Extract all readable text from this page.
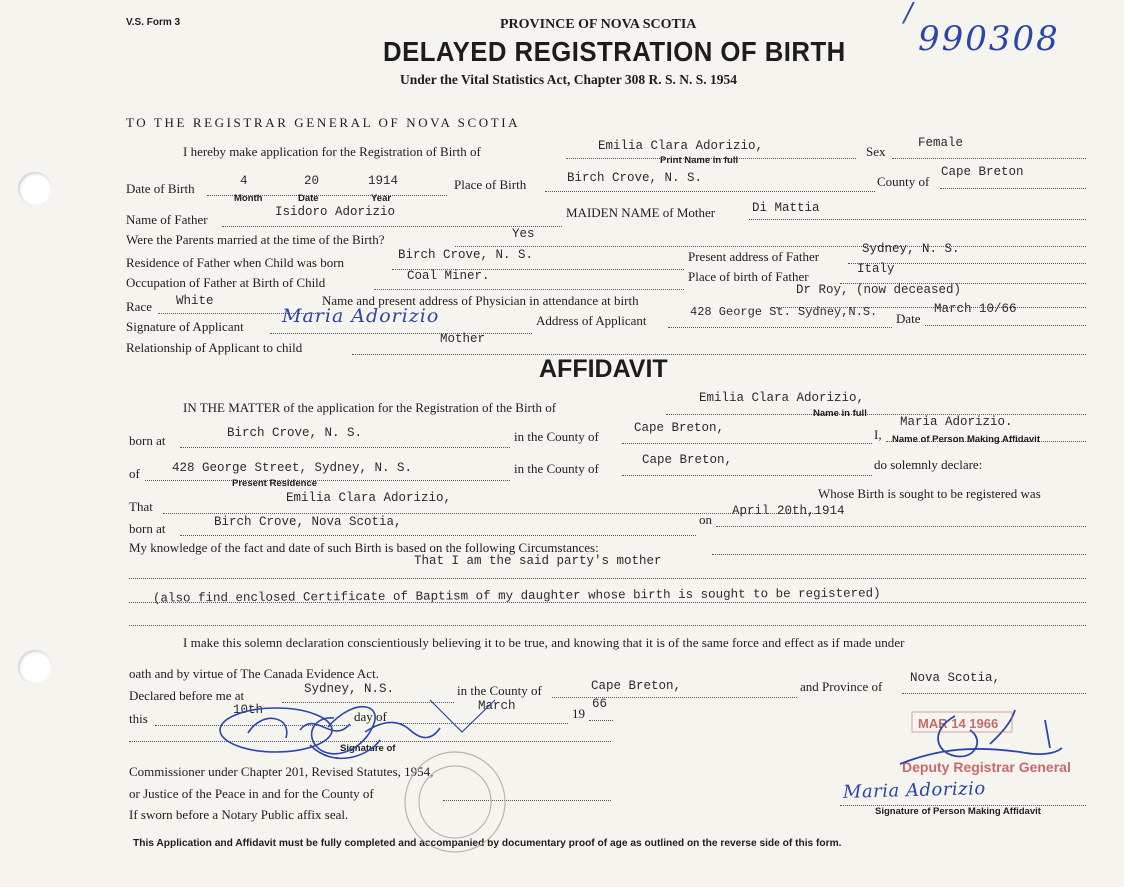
V.S. Form 3	PROVINCE OF NOVA SCOTIA
DELAYED REGISTRATION OF BIRTH
Under the Vital Statistics Act, Chapter 308 R. S. N. S. 1954
/
990308
TO THE REGISTRAR GENERAL OF NOVA SCOTIA
I hereby make application for the Registration of Birth of	Emilia Clara Adorizio,
Print Name in full
Sex
Female
Date of Birth	4	20	1914
Month	Date	Year
Place of Birth	Birch Crove, N. S.	County of
Cape Breton
Name of Father	Isidoro Adorizio	MAIDEN NAME of Mother	Di Mattia
Were the Parents married at the time of the Birth?	Yes
Residence of Father when Child was born	Birch Crove, N. S.	Present address of Father	Sydney, N. S.
Occupation of Father at Birth of Child	Coal Miner.	Place of birth of Father	Italy
Race White	Name and present address of Physician in attendance at birth
Dr Roy, (now deceased)
Signature of Applicant Maria Adorizio	Address of Applicant
428 George St. Sydney,N.S. Date
March 10/66
Relationship of Applicant to child
Mother
AFFIDAVIT
IN THE MATTER of the application for the Registration of the Birth of
Emilia Clara Adorizio,
Name in full
born at	Birch Crove, N. S.	in the County of
Cape Breton,	I,
Maria Adorizio.
Name of Person Making Affidavit
of	428 George Street, Sydney, N. S.
Present Residence
in the County of
Cape Breton,	do solemnly declare:
That
Emilia Clara Adorizio,	Whose Birth is sought to be registered was
born at	Birch Crove, Nova Scotia,	on
April 20th,1914
My knowledge of the fact and date of such Birth is based on the following Circumstances:
That I am the said party's mother
(also find enclosed Certificate of Baptism of my daughter whose birth is sought to be registered)
I make this solemn declaration conscientiously believing it to be true, and knowing that it is of the same force and effect as if made under
oath and by virtue of The Canada Evidence Act.
Declared before me at	Sydney, N.S.	in the County of	Cape Breton,	and Province of
Nova Scotia,
this
10th	day of
March	19
66
Signature of
Commissioner under Chapter 201, Revised Statutes, 1954,
or Justice of the Peace in and for the County of
If sworn before a Notary Public affix seal.
MAR 14 1966
Deputy Registrar General
Maria Adorizio
Signature of Person Making Affidavit
This Application and Affidavit must be fully completed and accompanied by documentary proof of age as outlined on the reverse side of this form.
